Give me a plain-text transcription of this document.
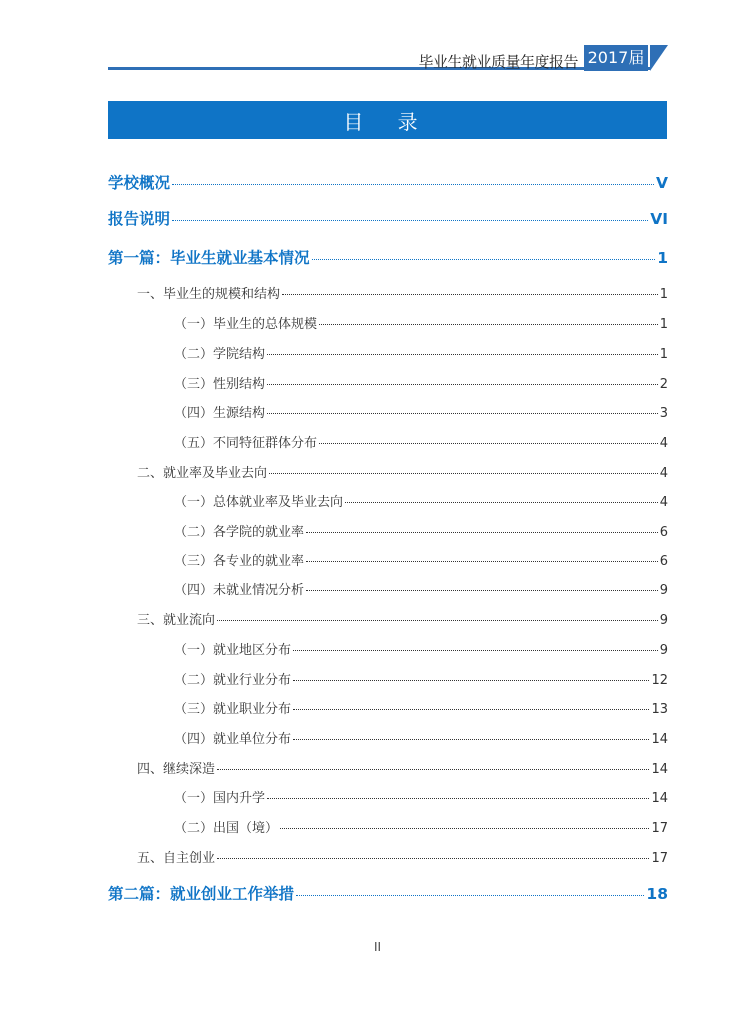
毕业生就业质量年度报告 2017届
目 录
学校概况	V
报告说明	VI
第一篇：毕业生就业基本情况	1
一、毕业生的规模和结构	1
（一）毕业生的总体规模	1
（二）学院结构	1
（三）性别结构	2
（四）生源结构	3
（五）不同特征群体分布	4
二、就业率及毕业去向	4
（一）总体就业率及毕业去向	4
（二）各学院的就业率	6
（三）各专业的就业率	6
（四）未就业情况分析	9
三、就业流向	9
（一）就业地区分布	9
（二）就业行业分布	12
（三）就业职业分布	13
（四）就业单位分布	14
四、继续深造	14
（一）国内升学	14
（二）出国（境）	17
五、自主创业	17
第二篇：就业创业工作举措	18
II
